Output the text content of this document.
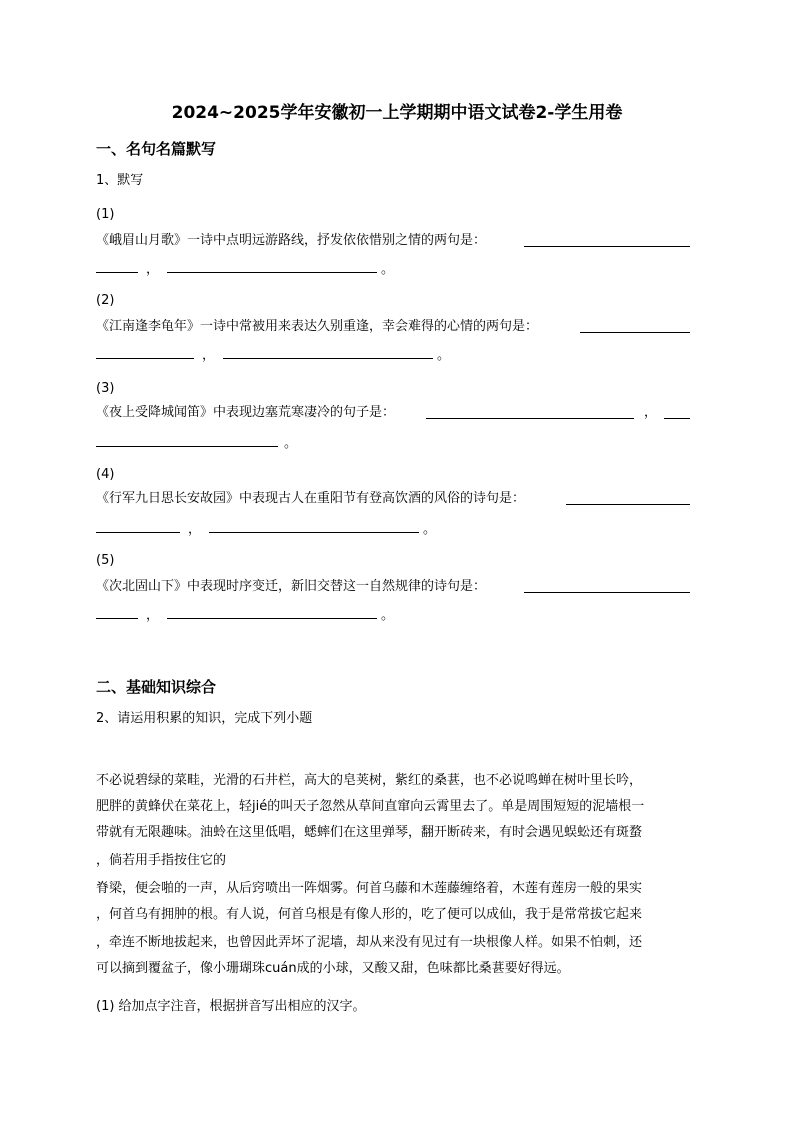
2024~2025学年安徽初一上学期期中语文试卷2-学生用卷
一、名句名篇默写
1、默写
(1)
《峨眉山月歌》一诗中点明远游路线，抒发依依惜别之情的两句是：
，	。
(2)
《江南逢李龟年》一诗中常被用来表达久别重逢，幸会难得的心情的两句是：
，	。
(3)
《夜上受降城闻笛》中表现边塞荒寒凄冷的句子是：	，
。
(4)
《行军九日思长安故园》中表现古人在重阳节有登高饮酒的风俗的诗句是：
，	。
(5)
《次北固山下》中表现时序变迁，新旧交替这一自然规律的诗句是：
，	。
二、基础知识综合
2、请运用积累的知识，完成下列小题
不必说碧绿的菜畦，光滑的石井栏，高大的皂荚树，紫红的桑葚，也不必说鸣蝉在树叶里长吟，
肥胖的黄蜂伏在菜花上，轻jié的叫天子忽然从草间直窜向云霄里去了。单是周围短短的泥墙根一
带就有无限趣味。油蛉在这里低唱，蟋蟀们在这里弹琴，翻开断砖来，有时会遇见蜈蚣还有斑蝥
，倘若用手指按住它的
脊梁，便会啪的一声，从后窍喷出一阵烟雾。何首乌藤和木莲藤缠络着，木莲有莲房一般的果实
，何首乌有拥肿的根。有人说，何首乌根是有像人形的，吃了便可以成仙，我于是常常拔它起来
，牵连不断地拔起来，也曾因此弄坏了泥墙，却从来没有见过有一块根像人样。如果不怕刺，还
可以摘到覆盆子，像小珊瑚珠cuán成的小球，又酸又甜，色味都比桑葚要好得远。
(1) 给加点字注音，根据拼音写出相应的汉字。
